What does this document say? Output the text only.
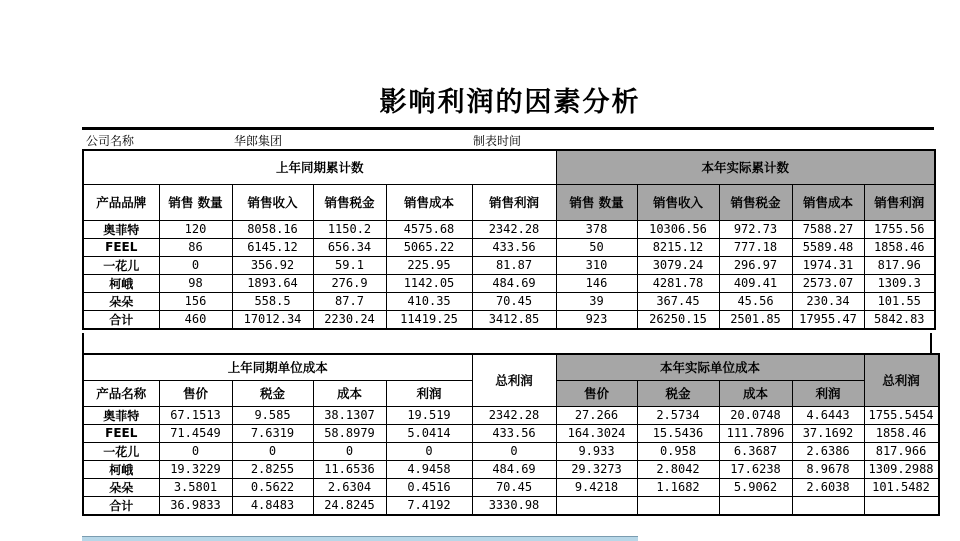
影响利润的因素分析
公司名称	华郎集团	制表时间
上年同期累计数						本年实际累计数				
产品品牌	销售 数量	销售收入	销售税金	销售成本	销售利润	销售 数量	销售收入	销售税金	销售成本	销售利润
奥菲特	120	8058.16	1150.2	4575.68	2342.28	378	10306.56	972.73	7588.27	1755.56
FEEL	86	6145.12	656.34	5065.22	433.56	50	8215.12	777.18	5589.48	1858.46
一花儿	0	356.92	59.1	225.95	81.87	310	3079.24	296.97	1974.31	817.96
柯峨	98	1893.64	276.9	1142.05	484.69	146	4281.78	409.41	2573.07	1309.3
朵朵	156	558.5	87.7	410.35	70.45	39	367.45	45.56	230.34	101.55
合计	460	17012.34	2230.24	11419.25	3412.85	923	26250.15	2501.85	17955.47	5842.83
上年同期单位成本					总利润	本年实际单位成本				总利润
产品名称	售价	税金	成本	利润		售价	税金	成本	利润	
奥菲特	67.1513	9.585	38.1307	19.519	2342.28	27.266	2.5734	20.0748	4.6443	1755.5454
FEEL	71.4549	7.6319	58.8979	5.0414	433.56	164.3024	15.5436	111.7896	37.1692	1858.46
一花儿	0	0	0	0	0	9.933	0.958	6.3687	2.6386	817.966
柯峨	19.3229	2.8255	11.6536	4.9458	484.69	29.3273	2.8042	17.6238	8.9678	1309.2988
朵朵	3.5801	0.5622	2.6304	0.4516	70.45	9.4218	1.1682	5.9062	2.6038	101.5482
合计	36.9833	4.8483	24.8245	7.4192	3330.98					
